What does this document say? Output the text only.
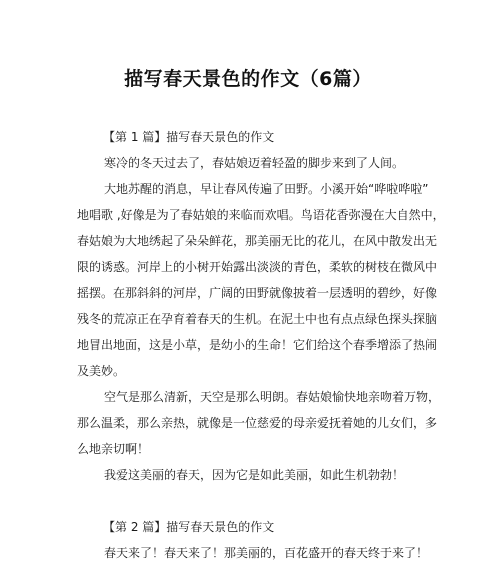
描写春天景色的作文（6篇）
【第 1 篇】描写春天景色的作文
寒冷的冬天过去了，春姑娘迈着轻盈的脚步来到了人间。
大地苏醒的消息，早让春风传遍了田野。小溪开始“哗啦哗啦”
地唱歌 ,好像是为了春姑娘的来临而欢唱。鸟语花香弥漫在大自然中，
春姑娘为大地绣起了朵朵鲜花，那美丽无比的花儿，在风中散发出无
限的诱惑。河岸上的小树开始露出淡淡的青色，柔软的树枝在微风中
摇摆。在那斜斜的河岸，广阔的田野就像披着一层透明的碧纱，好像
残冬的荒凉正在孕育着春天的生机。在泥土中也有点点绿色探头探脑
地冒出地面，这是小草，是幼小的生命！它们给这个春季增添了热闹
及美妙。
空气是那么清新，天空是那么明朗。春姑娘愉快地亲吻着万物，
那么温柔，那么亲热，就像是一位慈爱的母亲爱抚着她的儿女们，多
么地亲切啊！
我爱这美丽的春天，因为它是如此美丽，如此生机勃勃！
【第 2 篇】描写春天景色的作文
春天来了！春天来了！那美丽的，百花盛开的春天终于来了！
